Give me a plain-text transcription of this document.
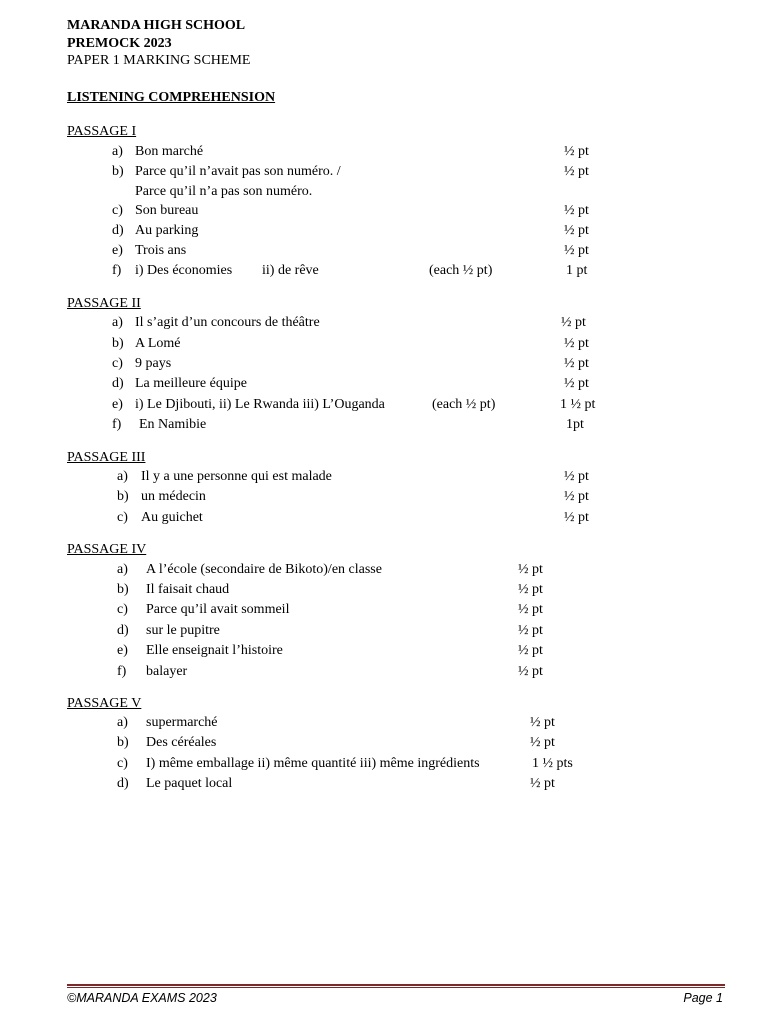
MARANDA HIGH SCHOOL
PREMOCK 2023
PAPER 1 MARKING SCHEME
LISTENING COMPREHENSION
PASSAGE I
a) Bon marché	½ pt
b) Parce qu’il n’avait pas son numéro. /	½ pt
Parce qu’il n’a pas son numéro.
c) Son bureau	½ pt
d) Au parking	½ pt
e) Trois ans	½ pt
f) i) Des économies ii) de rêve	(each ½ pt)	1 pt
PASSAGE II
a) Il s’agit d’un concours de théâtre	½ pt
b) A Lomé	½ pt
c) 9 pays	½ pt
d) La meilleure équipe	½ pt
e) i) Le Djibouti, ii) Le Rwanda iii) L’Ouganda	(each ½ pt)	1 ½ pt
f) En Namibie	1pt
PASSAGE III
a) Il y a une personne qui est malade	½ pt
b) un médecin	½ pt
c) Au guichet	½ pt
PASSAGE IV
a) A l’école (secondaire de Bikoto)/en classe	½ pt
b) Il faisait chaud	½ pt
c) Parce qu’il avait sommeil	½ pt
d) sur le pupitre	½ pt
e) Elle enseignait l’histoire	½ pt
f) balayer	½ pt
PASSAGE V
a) supermarché	½ pt
b) Des céréales	½ pt
c) I) même emballage ii) même quantité iii) même ingrédients	1 ½ pts
d) Le paquet local	½ pt
©MARANDA EXAMS 2023	Page 1
